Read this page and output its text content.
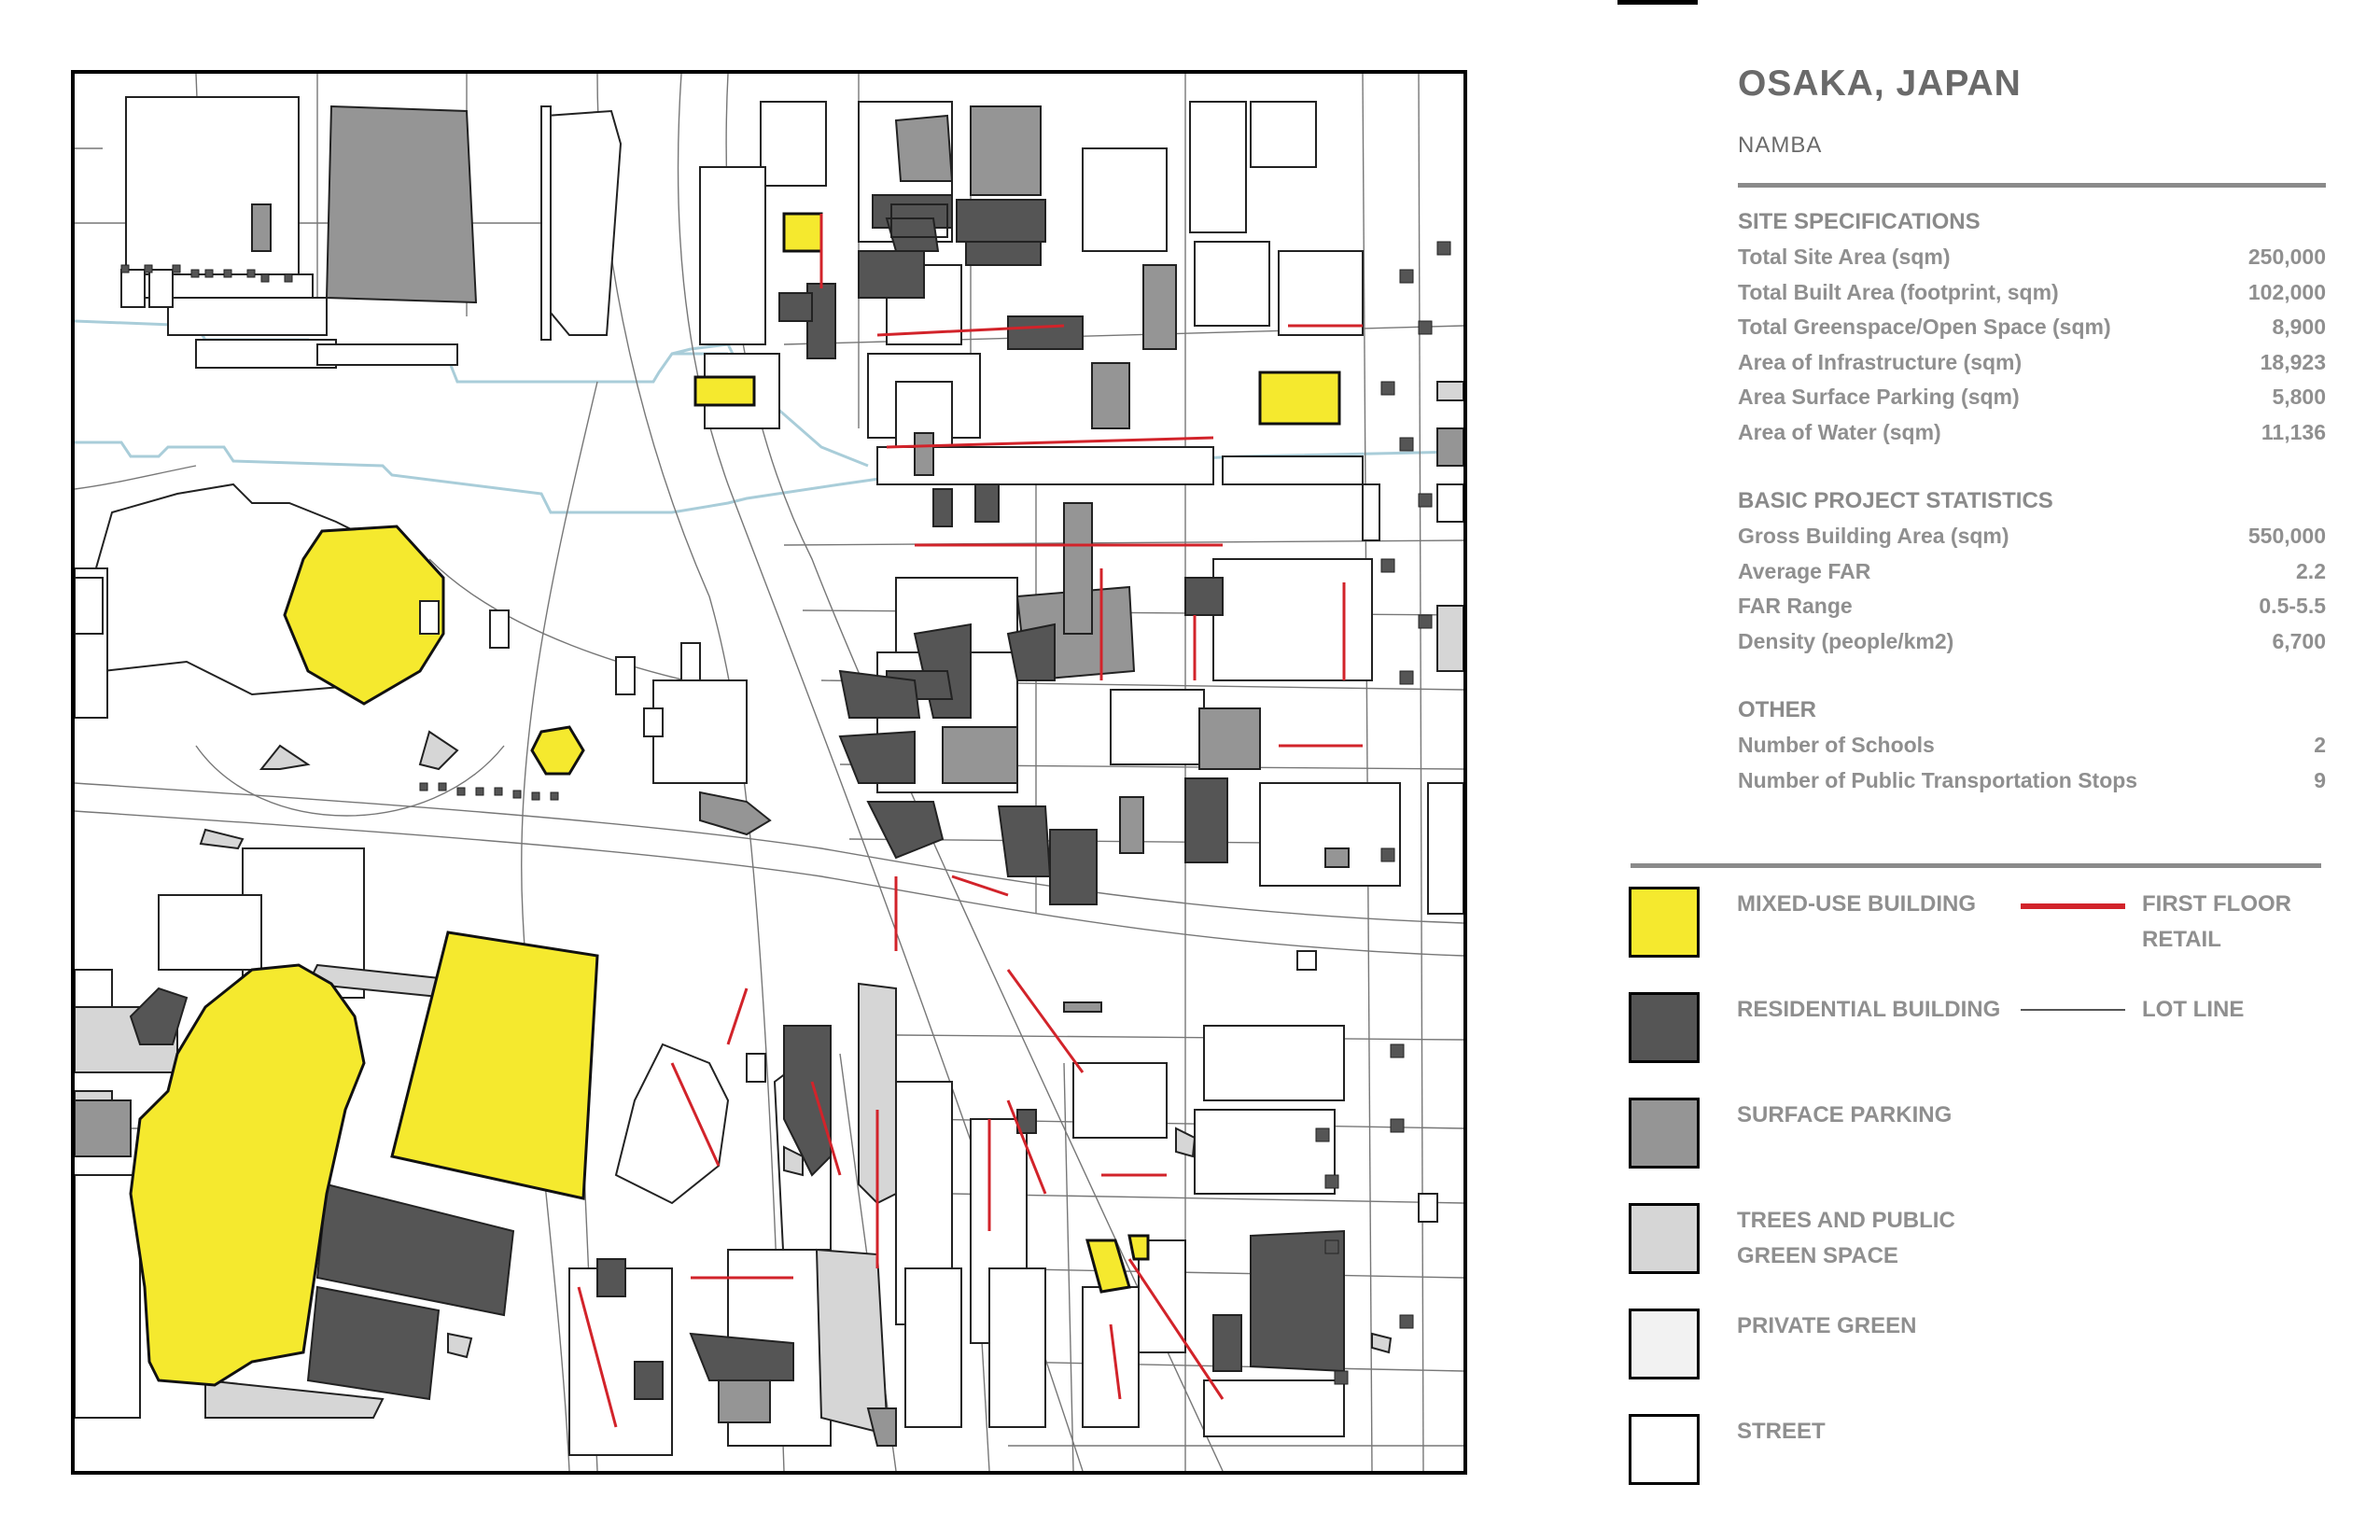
OSAKA, JAPAN
NAMBA
SITE SPECIFICATIONS
Total Site Area (sqm)	250,000
Total Built Area (footprint, sqm)	102,000
Total Greenspace/Open Space (sqm)	8,900
Area of Infrastructure (sqm)	18,923
Area Surface Parking (sqm)	5,800
Area of Water (sqm)	11,136
BASIC PROJECT STATISTICS
Gross Building Area (sqm)	550,000
Average FAR	2.2
FAR Range	0.5-5.5
Density (people/km2)	6,700
OTHER
Number of Schools	2
Number of Public Transportation Stops	9
MIXED-USE BUILDING
RESIDENTIAL BUILDING
SURFACE PARKING
TREES AND PUBLIC GREEN SPACE
PRIVATE GREEN
STREET
FIRST FLOOR RETAIL
LOT LINE
